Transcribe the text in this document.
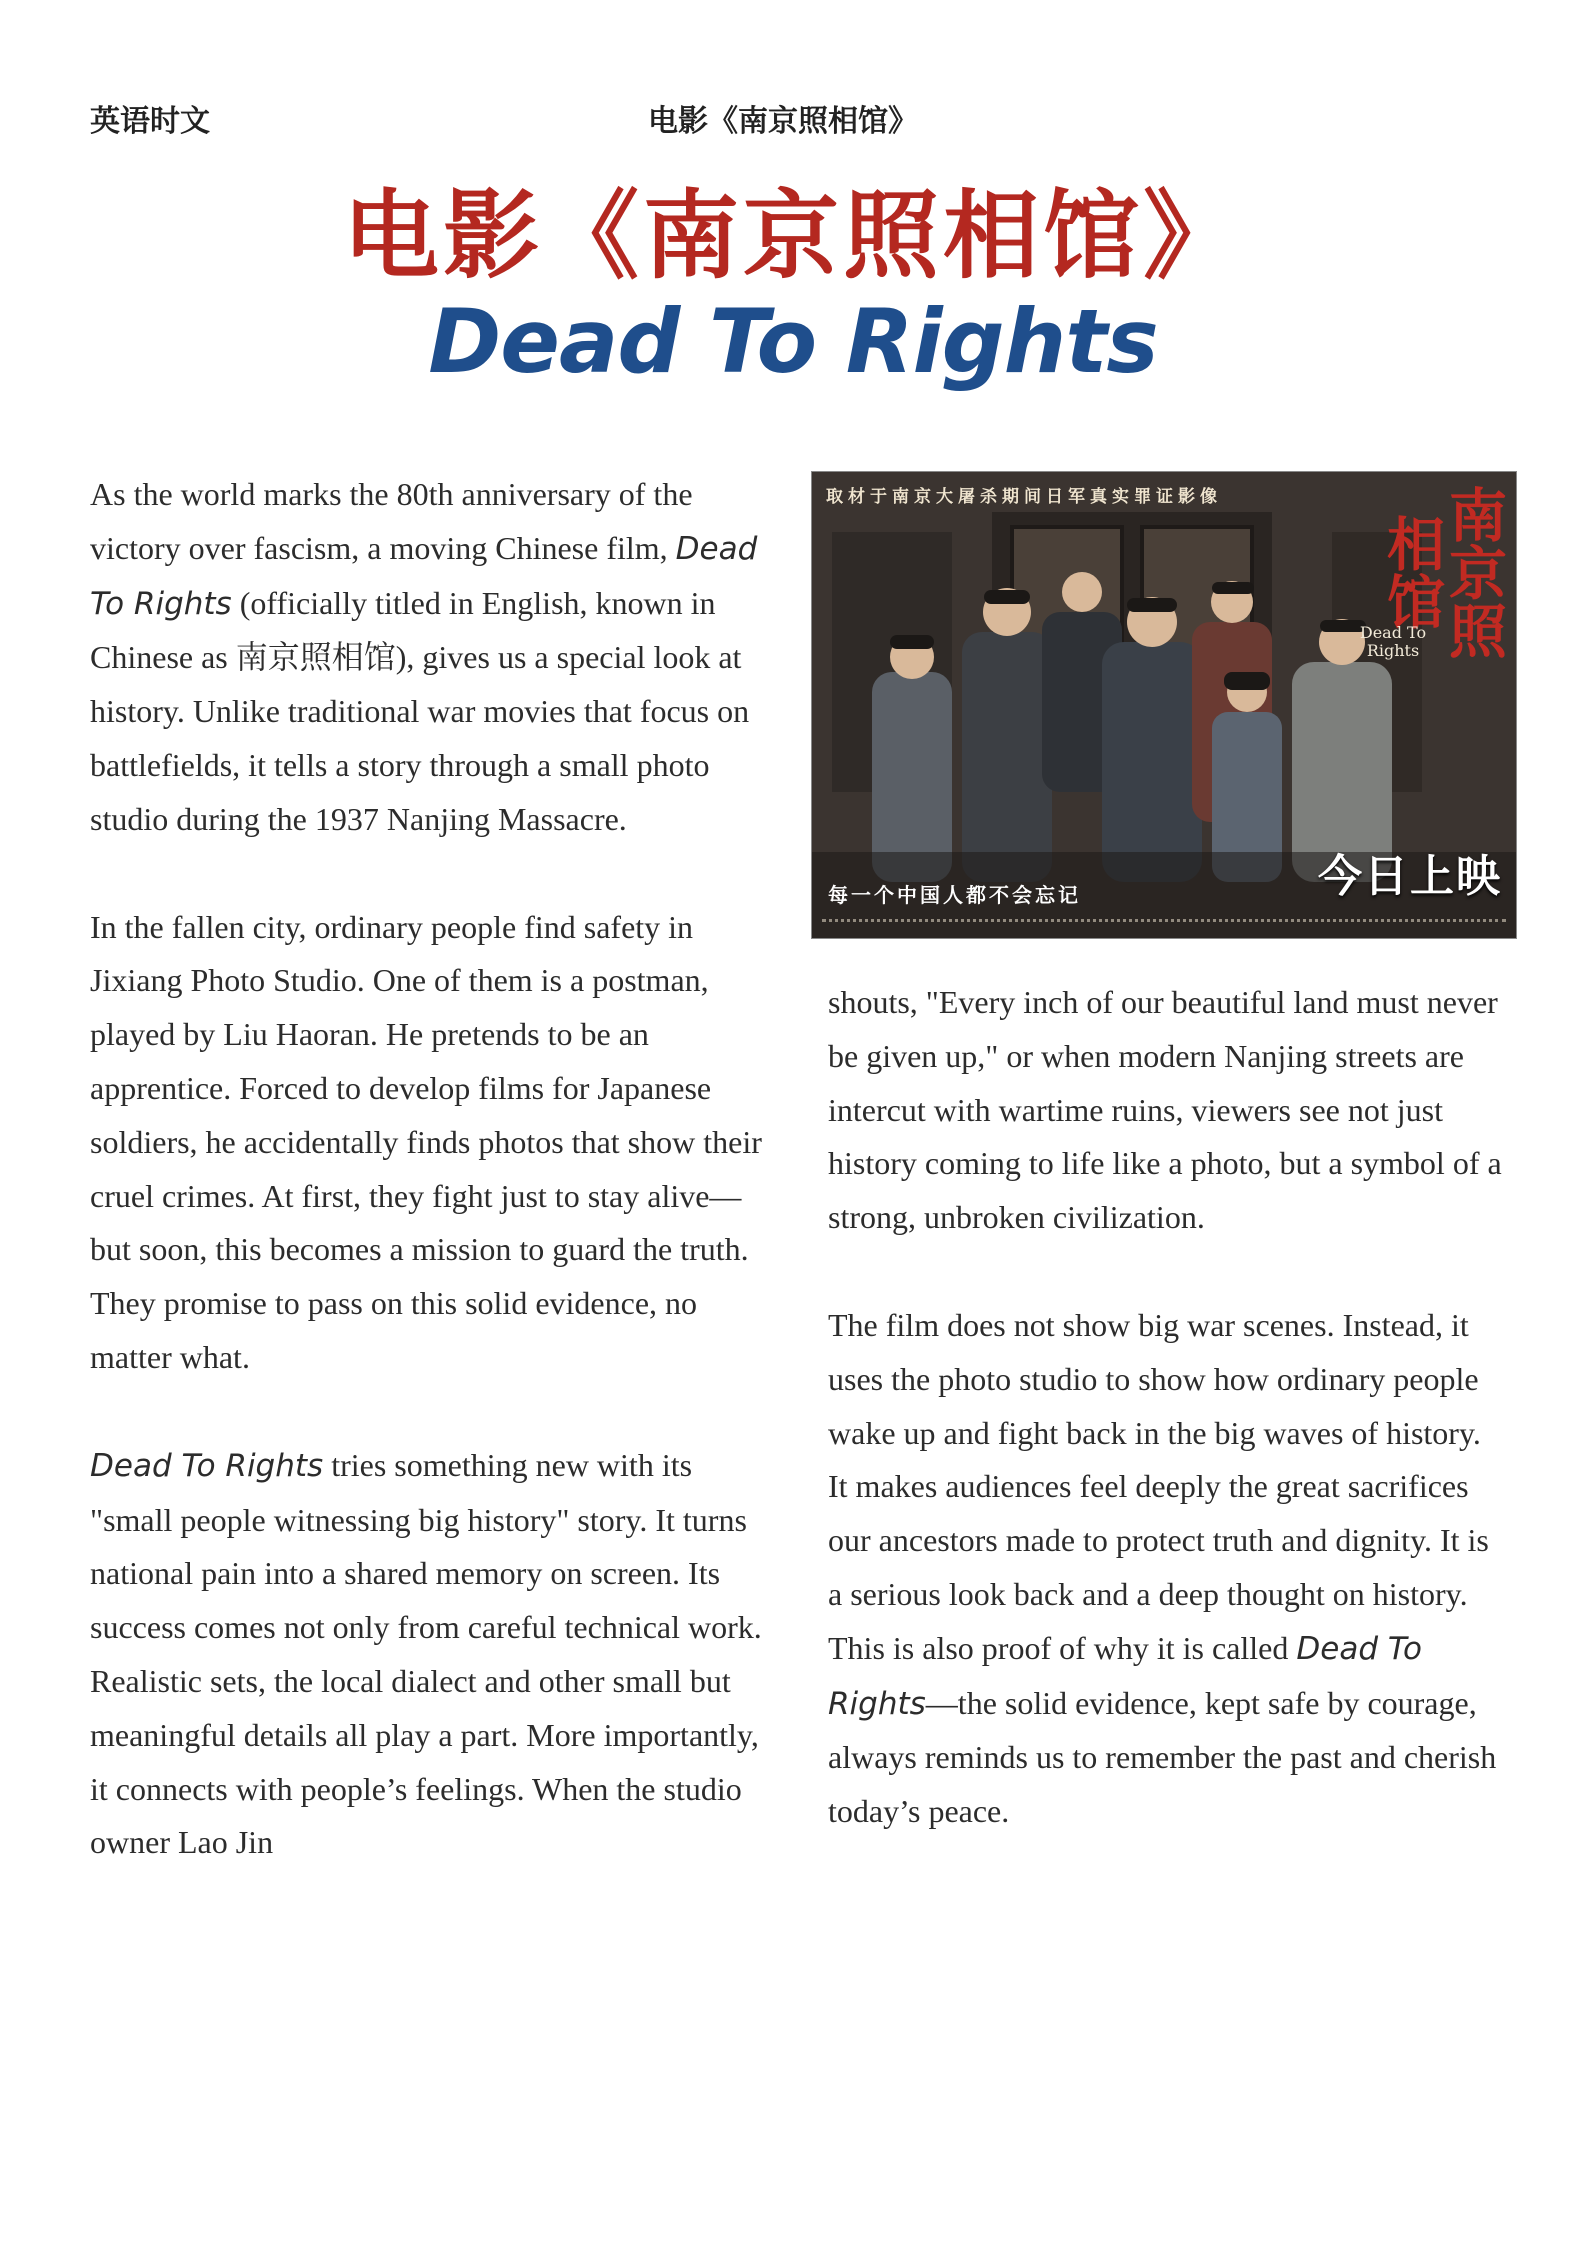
英语时文	电影《南京照相馆》
电影《南京照相馆》
Dead To Rights

As the world marks the 80th anniversary of the victory over fascism, a moving Chinese film, Dead To Rights (officially titled in English, known in Chinese as 南京照相馆), gives us a special look at history. Unlike traditional war movies that focus on battlefields, it tells a story through a small photo studio during the 1937 Nanjing Massacre.

In the fallen city, ordinary people find safety in Jixiang Photo Studio. One of them is a postman, played by Liu Haoran. He pretends to be an apprentice. Forced to develop films for Japanese soldiers, he accidentally finds photos that show their cruel crimes. At first, they fight just to stay alive—but soon, this becomes a mission to guard the truth. They promise to pass on this solid evidence, no matter what.

Dead To Rights tries something new with its "small people witnessing big history" story. It turns national pain into a shared memory on screen. Its success comes not only from careful technical work. Realistic sets, the local dialect and other small but meaningful details all play a part. More importantly, it connects with people’s feelings. When the studio owner Lao Jin

取材于南京大屠杀期间日军真实罪证影像	南京照相馆
Dead To Rights
每一个中国人都不会忘记	今日上映

shouts, "Every inch of our beautiful land must never be given up," or when modern Nanjing streets are intercut with wartime ruins, viewers see not just history coming to life like a photo, but a symbol of a strong, unbroken civilization.

The film does not show big war scenes. Instead, it uses the photo studio to show how ordinary people wake up and fight back in the big waves of history. It makes audiences feel deeply the great sacrifices our ancestors made to protect truth and dignity. It is a serious look back and a deep thought on history. This is also proof of why it is called Dead To Rights—the solid evidence, kept safe by courage, always reminds us to remember the past and cherish today’s peace.
